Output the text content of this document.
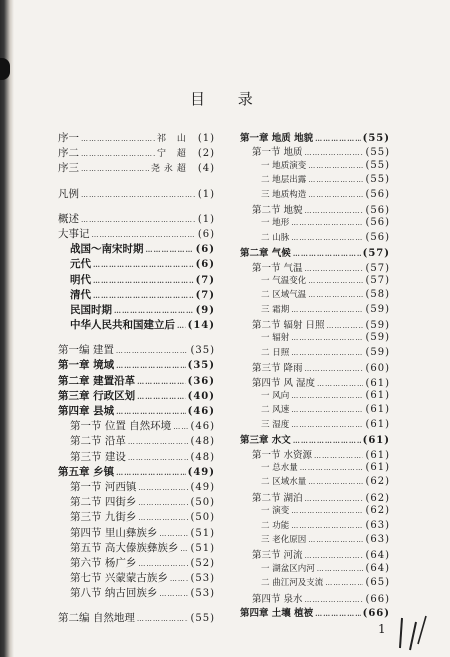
目 录
序一 ……………………………………………………………………	祁 山 (1)
序二 ……………………………………………………………………	宁 超 (2)
序三 ……………………………………………………………………	尧永超 (4)
凡例 ……………………………………………………………………	(1)
概述 ……………………………………………………………………	(1)
大事记 ……………………………………………………………………	(6)
战国～南宋时期 ……………………………………………………………………	(6)
元代 ……………………………………………………………………	(6)
明代 ……………………………………………………………………	(7)
清代 ……………………………………………………………………	(7)
民国时期 ……………………………………………………………………	(9)
中华人民共和国建立后 …………………………………………………………………… (14)
第一编 建置 ……………………………………………………………………	(35)
第一章 境域 ……………………………………………………………………	(35)
第二章 建置沿革 ……………………………………………………………………	(36)
第三章 行政区划 ……………………………………………………………………	(40)
第四章 县城 ……………………………………………………………………	(46)
第一节 位置 自然环境 …………………………………………………………………… (46)
第二节 沿革 ……………………………………………………………………	(48)
第三节 建设 ……………………………………………………………………	(48)
第五章 乡镇 ……………………………………………………………………	(49)
第一节 河西镇 ……………………………………………………………………	(49)
第二节 四街乡 ……………………………………………………………………	(50)
第三节 九街乡 ……………………………………………………………………	(50)
第四节 里山彝族乡 ……………………………………………………………………	(51)
第五节 高大傣族彝族乡 …………………………………………………………………… (51)
第六节 杨广乡 ……………………………………………………………………	(52)
第七节 兴蒙蒙古族乡 …………………………………………………………………… (53)
第八节 纳古回族乡 ……………………………………………………………………	(53)
第二编 自然地理 ……………………………………………………………………	(55)
第一章 地质 地貌 ……………………………………………………………………	(55)
第一节 地质 ……………………………………………………………………	(55)
一 地质演变 ……………………………………………………………………	(55)
二 地层出露 ……………………………………………………………………	(55)
三 地质构造 ……………………………………………………………………	(56)
第二节 地貌 ……………………………………………………………………	(56)
一 地形 ……………………………………………………………………	(56)
二 山脉 ……………………………………………………………………	(56)
第二章 气候 ……………………………………………………………………	(57)
第一节 气温 ……………………………………………………………………	(57)
一 气温变化 ……………………………………………………………………	(57)
二 区域气温 ……………………………………………………………………	(58)
三 霜期 ……………………………………………………………………	(59)
第二节 辐射 日照 ……………………………………………………………………	(59)
一 辐射 ……………………………………………………………………	(59)
二 日照 ……………………………………………………………………	(59)
第三节 降雨 ……………………………………………………………………	(60)
第四节 风 湿度 ……………………………………………………………………	(61)
一 风向 ……………………………………………………………………	(61)
二 风速 ……………………………………………………………………	(61)
三 湿度 ……………………………………………………………………	(61)
第三章 水文 ……………………………………………………………………	(61)
第一节 水资源 ……………………………………………………………………	(61)
一 总水量 ……………………………………………………………………	(61)
二 区域水量 ……………………………………………………………………	(62)
第二节 湖泊 ……………………………………………………………………	(62)
一 演变 ……………………………………………………………………	(62)
二 功能 ……………………………………………………………………	(63)
三 老化原因 ……………………………………………………………………	(63)
第三节 河流 ……………………………………………………………………	(64)
一 湖盆区内河 ……………………………………………………………………	(64)
二 曲江河及支流 ……………………………………………………………………	(65)
第四节 泉水 ……………………………………………………………………	(66)
第四章 土壤 植被 ……………………………………………………………………	(66)
1
